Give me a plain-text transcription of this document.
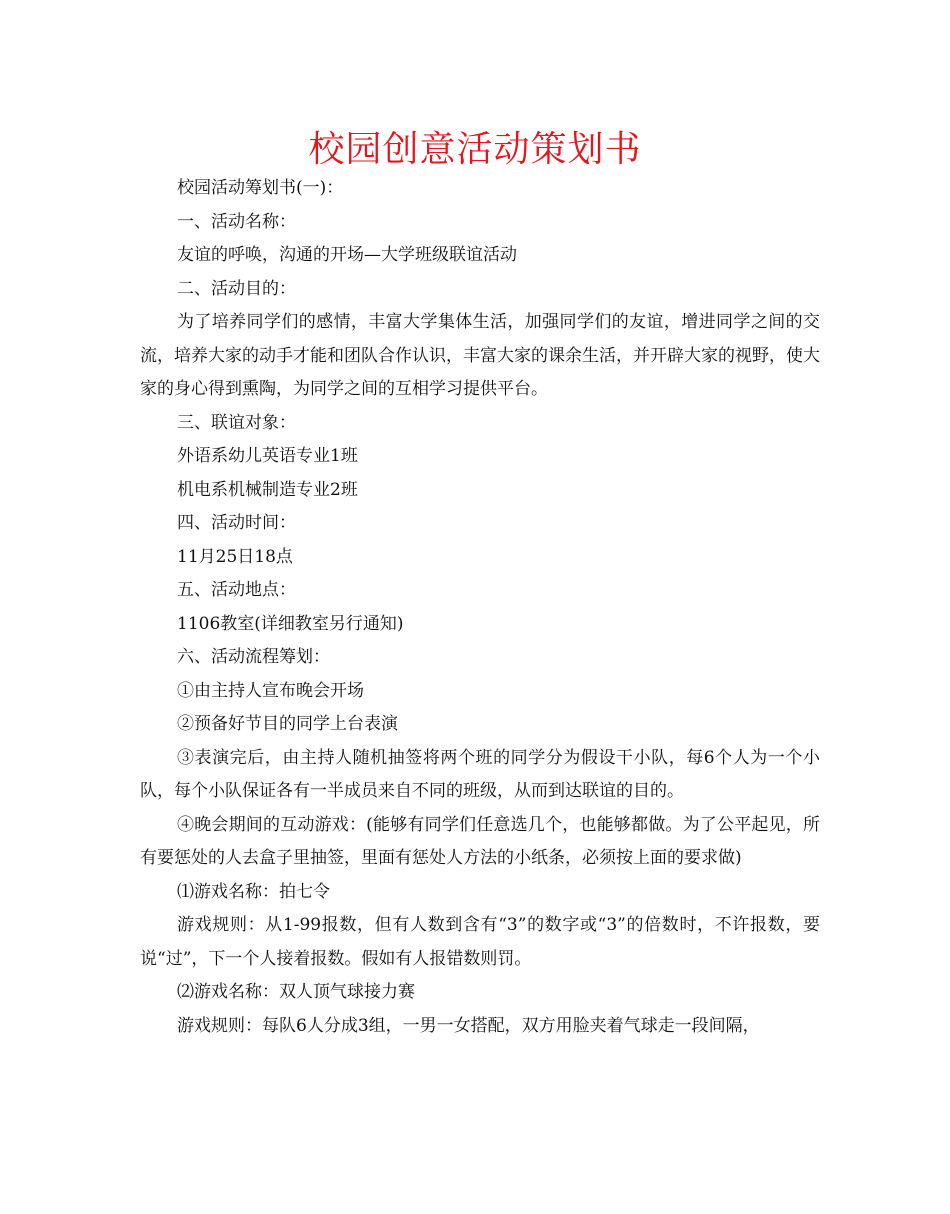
校园创意活动策划书

校园活动筹划书(一)：

一、活动名称：

友谊的呼唤，沟通的开场—大学班级联谊活动

二、活动目的：

为了培养同学们的感情，丰富大学集体生活，加强同学们的友谊，增进同学之间的交流，培养大家的动手才能和团队合作认识，丰富大家的课余生活，并开辟大家的视野，使大家的身心得到熏陶，为同学之间的互相学习提供平台。

三、联谊对象：

外语系幼儿英语专业1班

机电系机械制造专业2班

四、活动时间：

11月25日18点

五、活动地点：

1106教室(详细教室另行通知)

六、活动流程筹划：

①由主持人宣布晚会开场

②预备好节目的同学上台表演

③表演完后，由主持人随机抽签将两个班的同学分为假设干小队，每6个人为一个小队，每个小队保证各有一半成员来自不同的班级，从而到达联谊的目的。

④晚会期间的互动游戏：(能够有同学们任意选几个，也能够都做。为了公平起见，所有要惩处的人去盒子里抽签，里面有惩处人方法的小纸条，必须按上面的要求做)

⑴游戏名称：拍七令

游戏规则：从1-99报数，但有人数到含有“3”的数字或“3”的倍数时，不许报数，要说“过”，下一个人接着报数。假如有人报错数则罚。

⑵游戏名称：双人顶气球接力赛

游戏规则：每队6人分成3组，一男一女搭配，双方用脸夹着气球走一段间隔，
